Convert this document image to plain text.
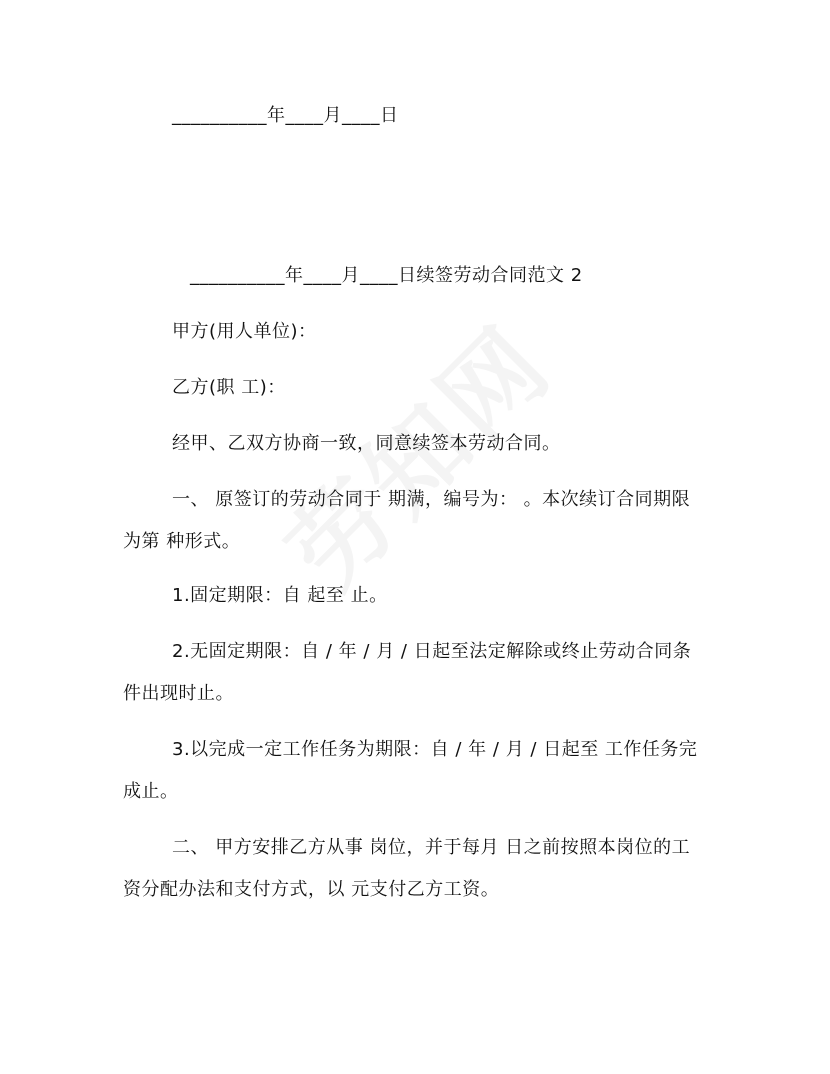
__________年____月____日
__________年____月____日续签劳动合同范文 2
甲方(用人单位)：
乙方(职 工)：
经甲、乙双方协商一致，同意续签本劳动合同。
一、 原签订的劳动合同于 期满，编号为： 。本次续订合同期限
为第 种形式。
1.固定期限：自 起至 止。
2.无固定期限：自 / 年 / 月 / 日起至法定解除或终止劳动合同条
件出现时止。
3.以完成一定工作任务为期限：自 / 年 / 月 / 日起至 工作任务完
成止。
二、 甲方安排乙方从事 岗位，并于每月 日之前按照本岗位的工
资分配办法和支付方式，以 元支付乙方工资。
